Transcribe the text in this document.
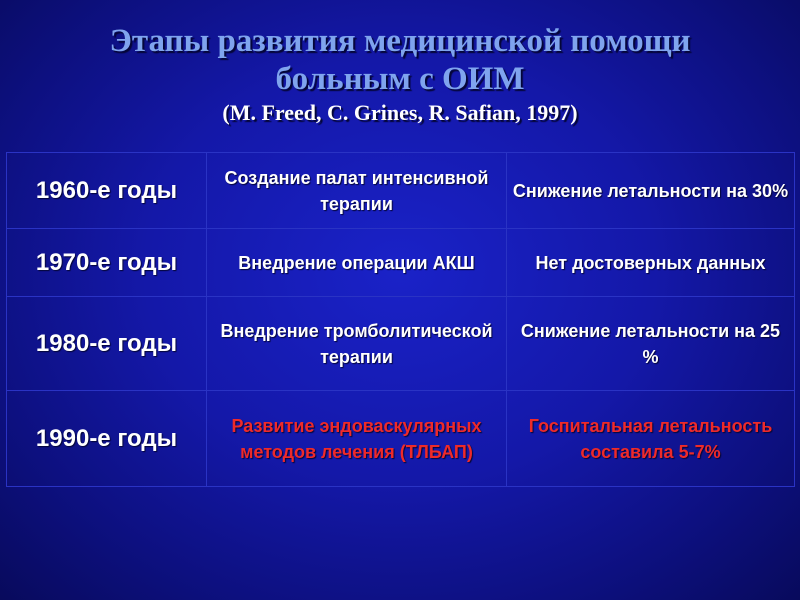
Этапы развития медицинской помощи
больным с ОИМ
(M. Freed, C. Grines, R. Safian, 1997)
1960-е годы	Создание палат интенсивной терапии	Снижение летальности на 30%
1970-е годы	Внедрение операции АКШ	Нет достоверных данных
1980-е годы	Внедрение тромболитической терапии	Снижение летальности на 25 %
1990-е годы	Развитие эндоваскулярных методов лечения (ТЛБАП)	Госпитальная летальность составила 5-7%
